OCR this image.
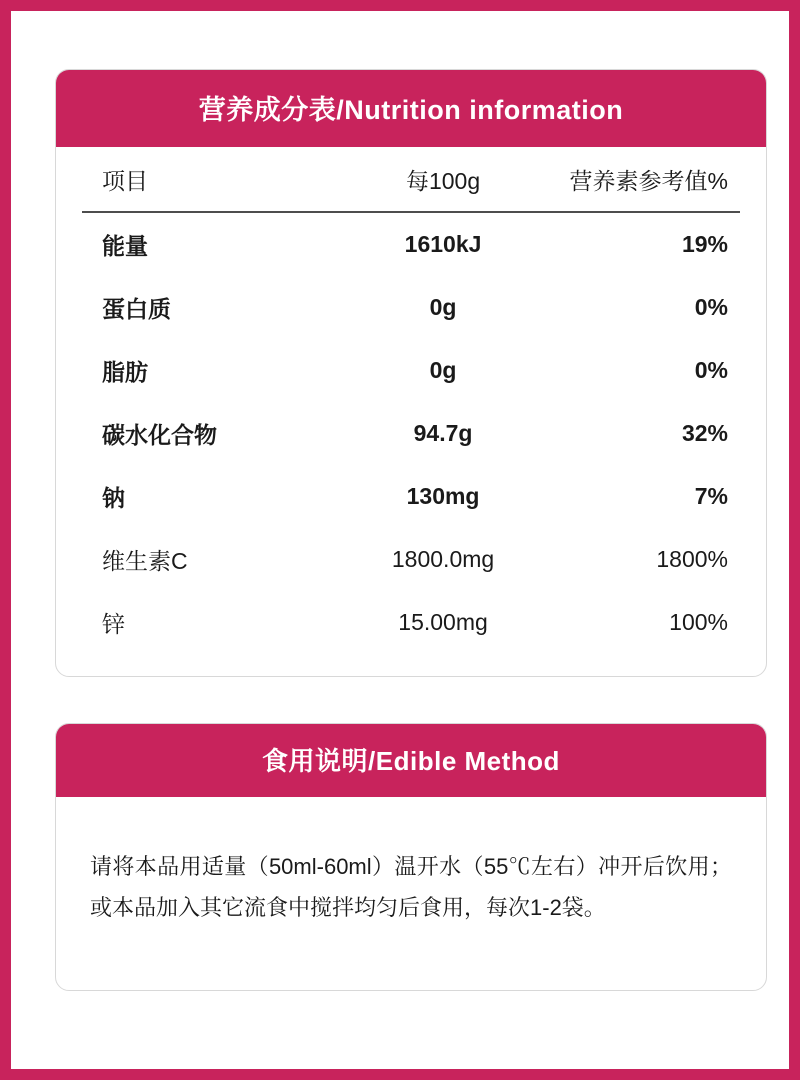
营养成分表/Nutrition information
项目	每100g	营养素参考值%
能量	1610kJ	19%
蛋白质	0g	0%
脂肪	0g	0%
碳水化合物	94.7g	32%
钠	130mg	7%
维生素C	1800.0mg	1800%
锌	15.00mg	100%
食用说明/Edible Method

请将本品用适量（50ml-60ml）温开水（55℃左右）冲开后饮用；或本品加入其它流食中搅拌均匀后食用，每次1-2袋。
